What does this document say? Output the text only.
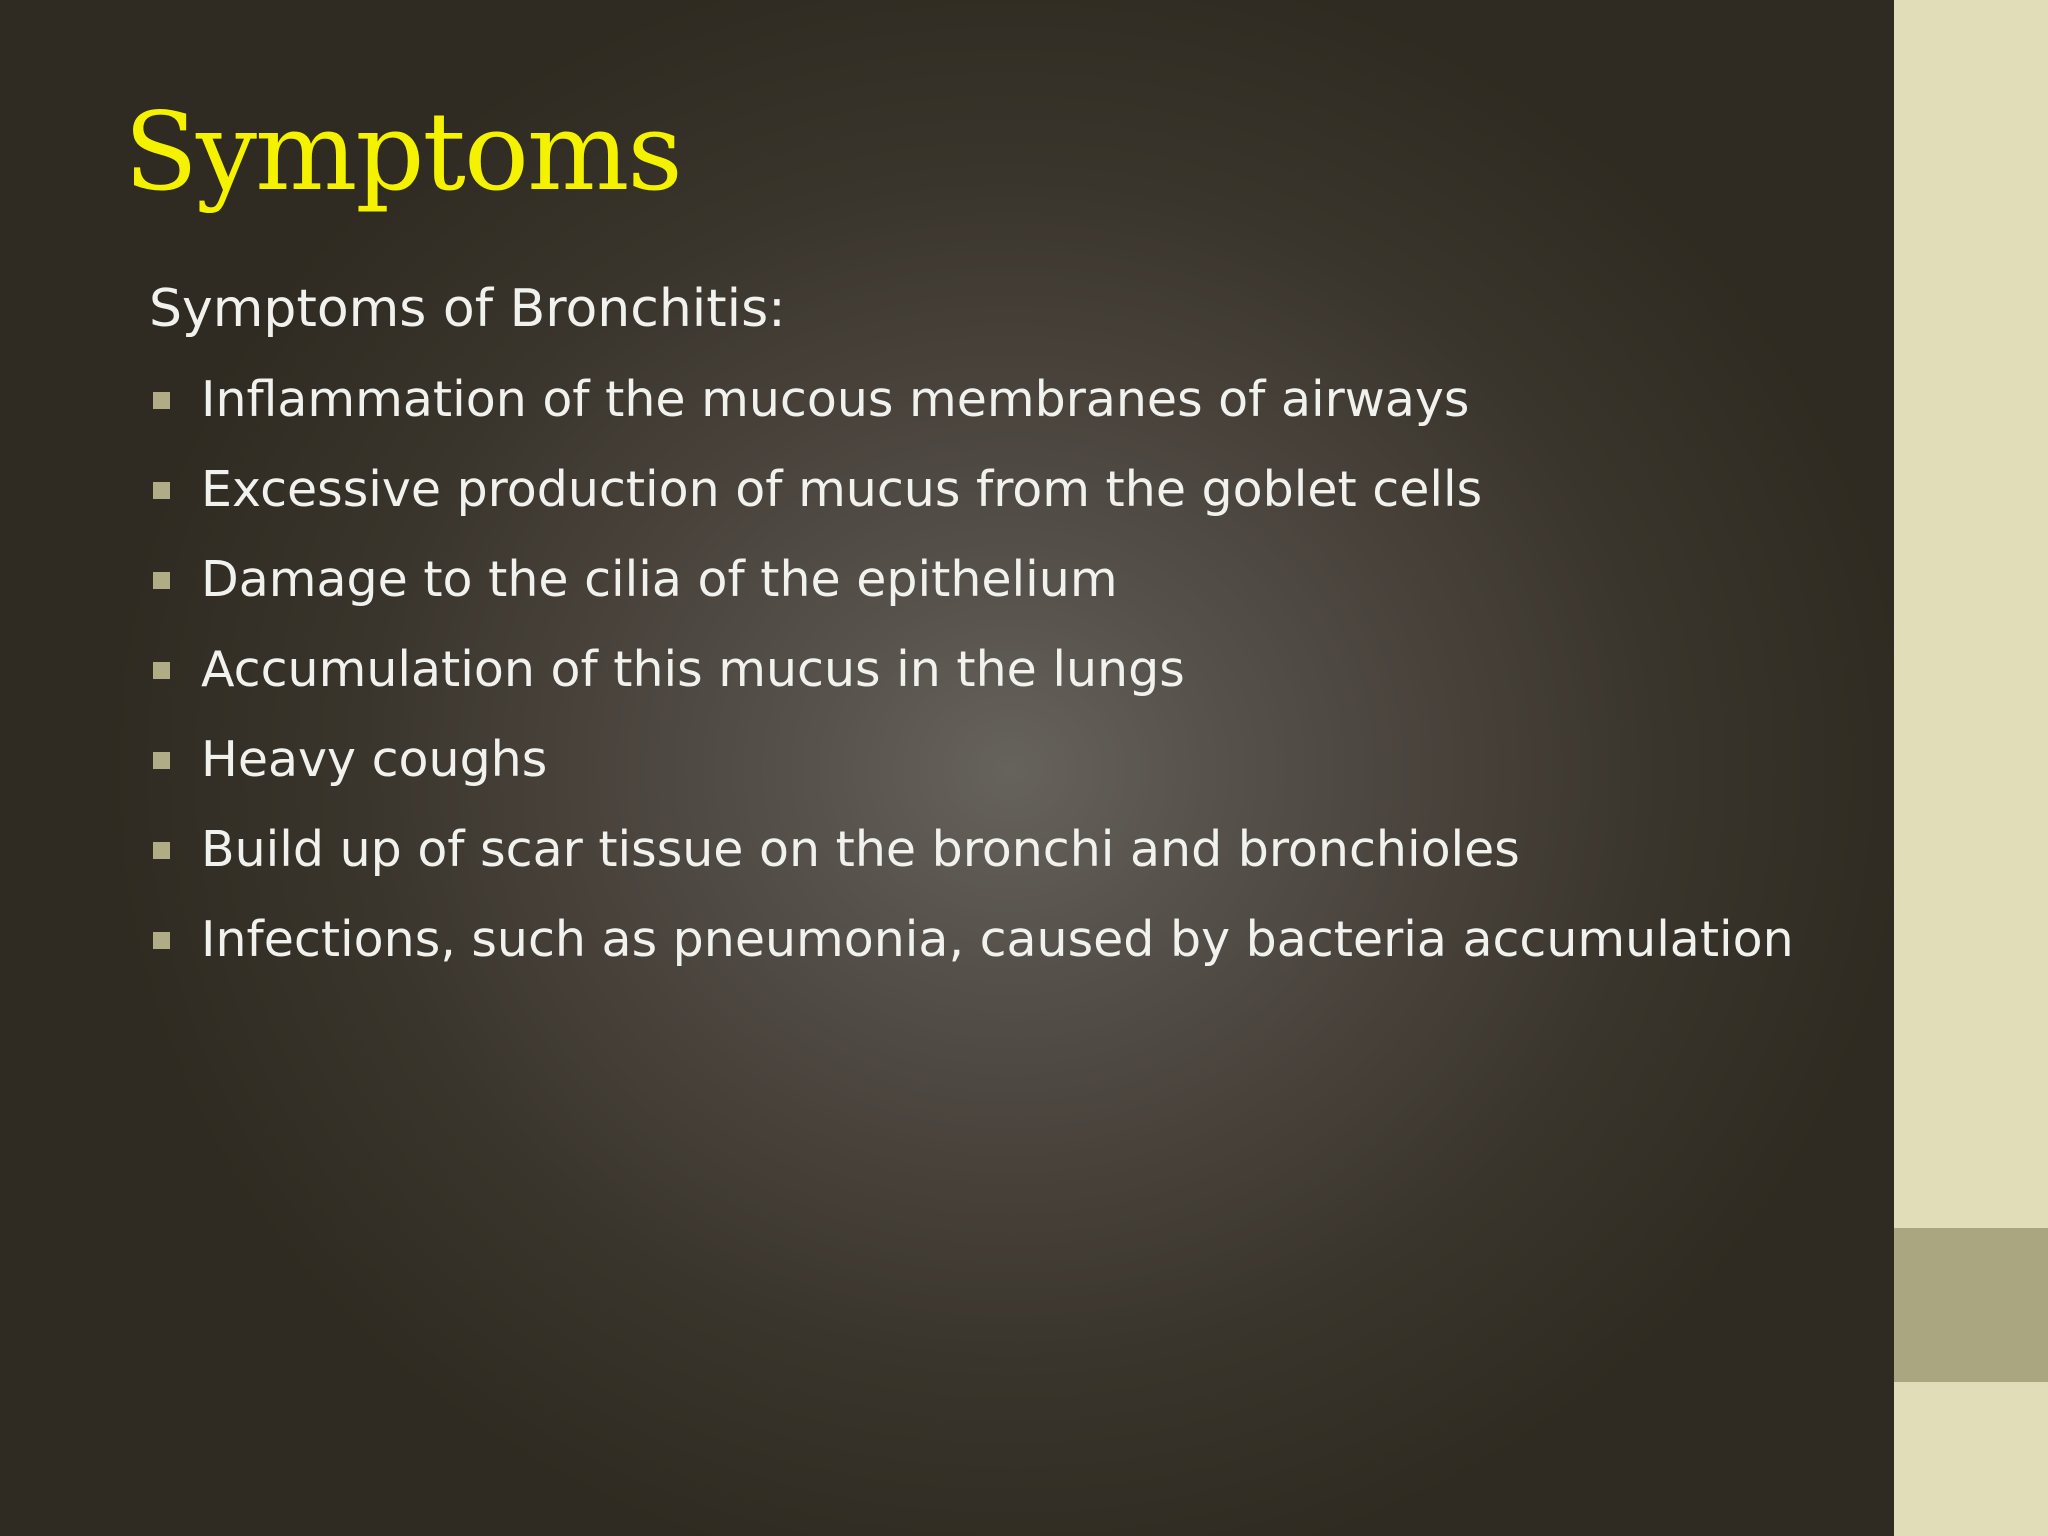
Symptoms

Symptoms of Bronchitis:

Inflammation of the mucous membranes of airways
Excessive production of mucus from the goblet cells
Damage to the cilia of the epithelium
Accumulation of this mucus in the lungs
Heavy coughs
Build up of scar tissue on the bronchi and bronchioles
Infections, such as pneumonia, caused by bacteria accumulation
